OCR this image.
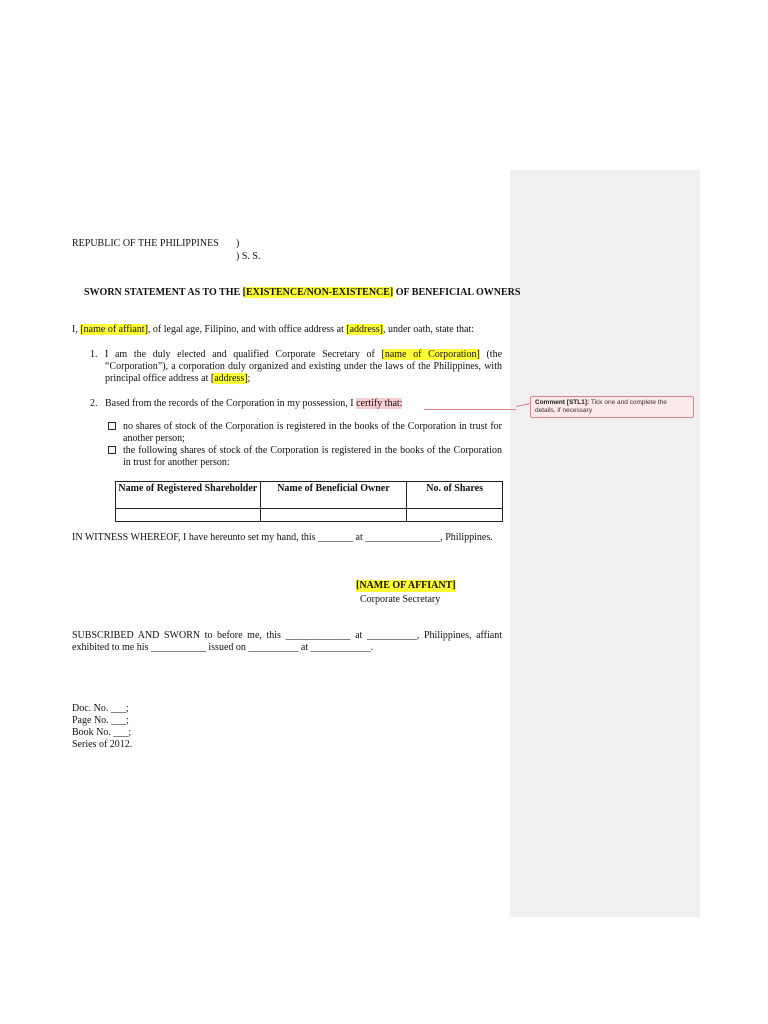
REPUBLIC OF THE PHILIPPINES )
) S. S.
SWORN STATEMENT AS TO THE [EXISTENCE/NON-EXISTENCE] OF BENEFICIAL OWNERS
I, [name of affiant], of legal age, Filipino, and with office address at [address], under oath, state that:
1. I am the duly elected and qualified Corporate Secretary of [name of Corporation] (the “Corporation”), a corporation duly organized and existing under the laws of the Philippines, with principal office address at [address];
2. Based from the records of the Corporation in my possession, I certify that:	Comment [STL1]: Tick one and complete the details, if necessary
no shares of stock of the Corporation is registered in the books of the Corporation in trust for another person;
the following shares of stock of the Corporation is registered in the books of the Corporation in trust for another person:
Name of Registered Shareholder	Name of Beneficial Owner	No. of Shares

IN WITNESS WHEREOF, I have hereunto set my hand, this _______ at _______________, Philippines.
[NAME OF AFFIANT]
Corporate Secretary
SUBSCRIBED AND SWORN to before me, this _____________ at __________, Philippines, affiant exhibited to me his ___________ issued on __________ at ____________.
Doc. No. ___;
Page No. ___;
Book No. ___;
Series of 2012.
